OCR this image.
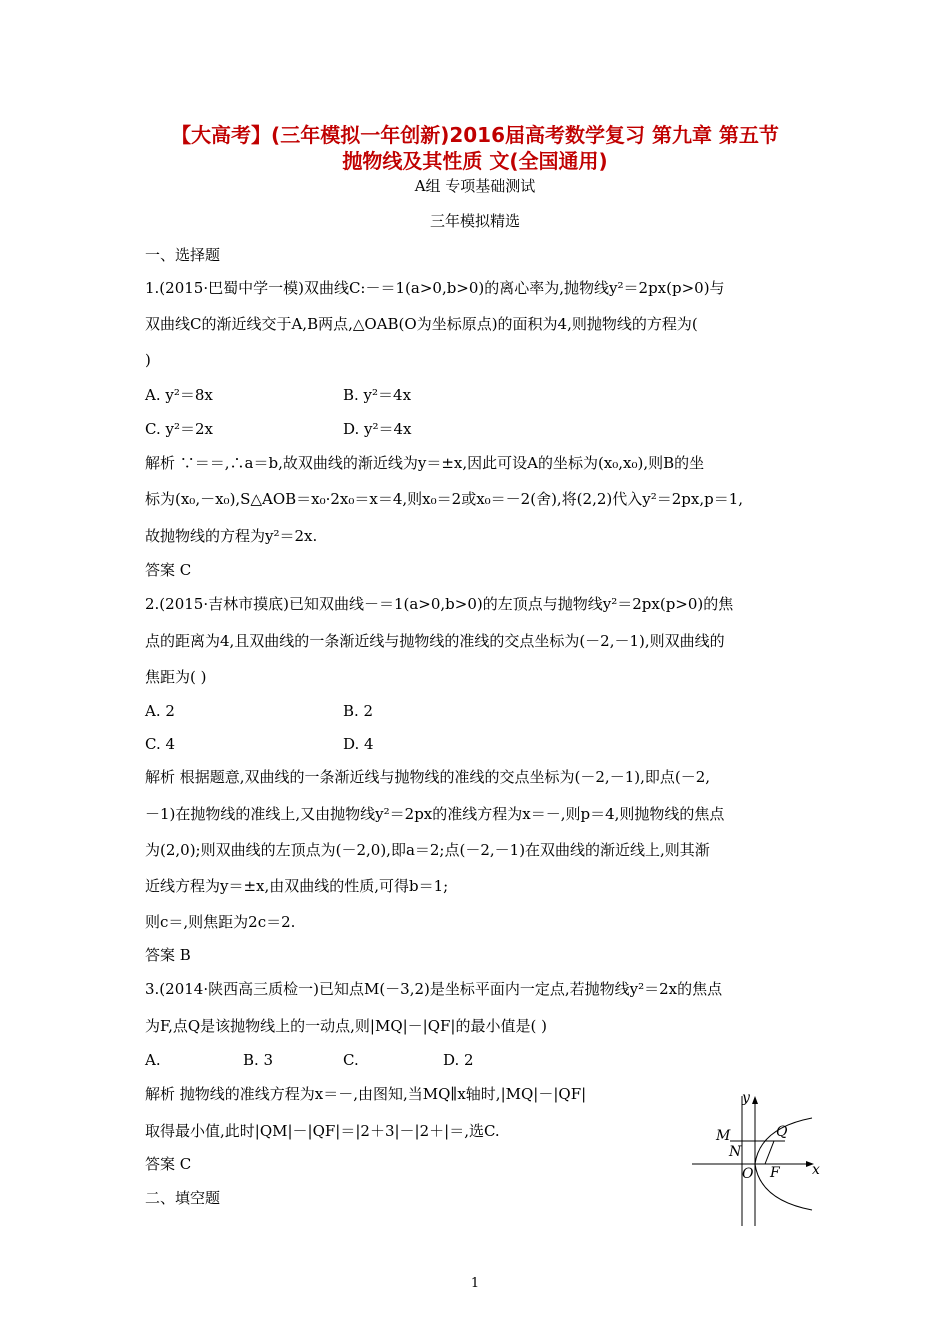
【大高考】(三年模拟一年创新)2016届高考数学复习 第九章 第五节
抛物线及其性质 文(全国通用)
A组 专项基础测试
三年模拟精选
一、选择题
1.(2015·巴蜀中学一模)双曲线C:－＝1(a>0,b>0)的离心率为,抛物线y²＝2px(p>0)与
双曲线C的渐近线交于A,B两点,△OAB(O为坐标原点)的面积为4,则抛物线的方程为(
)
A. y²＝8x	B. y²＝4x
C. y²＝2x	D. y²＝4x
解析 ∵＝＝,∴a＝b,故双曲线的渐近线为y＝±x,因此可设A的坐标为(x₀,x₀),则B的坐
标为(x₀,－x₀),S△AOB＝x₀·2x₀＝x＝4,则x₀＝2或x₀＝－2(舍),将(2,2)代入y²＝2px,p＝1,
故抛物线的方程为y²＝2x.
答案 C
2.(2015·吉林市摸底)已知双曲线－＝1(a>0,b>0)的左顶点与抛物线y²＝2px(p>0)的焦
点的距离为4,且双曲线的一条渐近线与抛物线的准线的交点坐标为(－2,－1),则双曲线的
焦距为( )
A. 2	B. 2
C. 4	D. 4
解析 根据题意,双曲线的一条渐近线与抛物线的准线的交点坐标为(－2,－1),即点(－2,
－1)在抛物线的准线上,又由抛物线y²＝2px的准线方程为x＝－,则p＝4,则抛物线的焦点
为(2,0);则双曲线的左顶点为(－2,0),即a＝2;点(－2,－1)在双曲线的渐近线上,则其渐
近线方程为y＝±x,由双曲线的性质,可得b＝1;
则c＝,则焦距为2c＝2.
答案 B
3.(2014·陕西高三质检一)已知点M(－3,2)是坐标平面内一定点,若抛物线y²＝2x的焦点
为F,点Q是该抛物线上的一动点,则|MQ|－|QF|的最小值是( )
A.	B. 3	C.	D. 2
解析 抛物线的准线方程为x＝－,由图知,当MQ∥x轴时,|MQ|－|QF|
取得最小值,此时|QM|－|QF|＝|2＋3|－|2＋|＝,选C.
答案 C
y
x
M	Q
N
O F
二、填空题
1
